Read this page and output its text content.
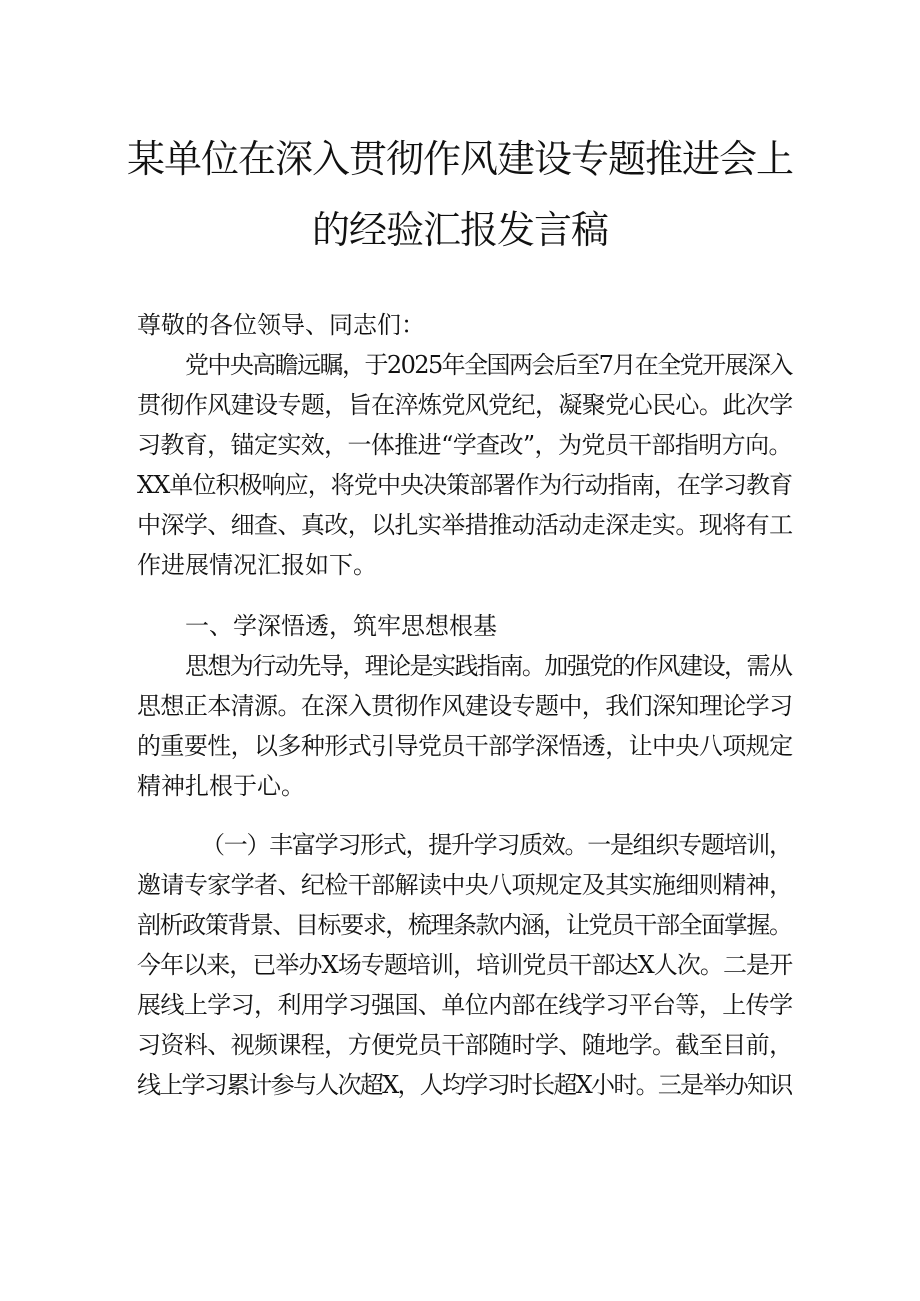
某单位在深入贯彻作风建设专题推进会上
的经验汇报发言稿
尊敬的各位领导、同志们：
党中央高瞻远瞩，于2025年全国两会后至7月在全党开展深入
贯彻作风建设专题，旨在淬炼党风党纪，凝聚党心民心。此次学
习教育，锚定实效，一体推进“学查改”，为党员干部指明方向。
XX单位积极响应，将党中央决策部署作为行动指南，在学习教育
中深学、细查、真改，以扎实举措推动活动走深走实。现将有工
作进展情况汇报如下。
一、学深悟透，筑牢思想根基
思想为行动先导，理论是实践指南。加强党的作风建设，需从
思想正本清源。在深入贯彻作风建设专题中，我们深知理论学习
的重要性，以多种形式引导党员干部学深悟透，让中央八项规定
精神扎根于心。
（一）丰富学习形式，提升学习质效。一是组织专题培训，
邀请专家学者、纪检干部解读中央八项规定及其实施细则精神，
剖析政策背景、目标要求，梳理条款内涵，让党员干部全面掌握。
今年以来，已举办X场专题培训，培训党员干部达X人次。二是开
展线上学习，利用学习强国、单位内部在线学习平台等，上传学
习资料、视频课程，方便党员干部随时学、随地学。截至目前，
线上学习累计参与人次超X，人均学习时长超X小时。三是举办知识
